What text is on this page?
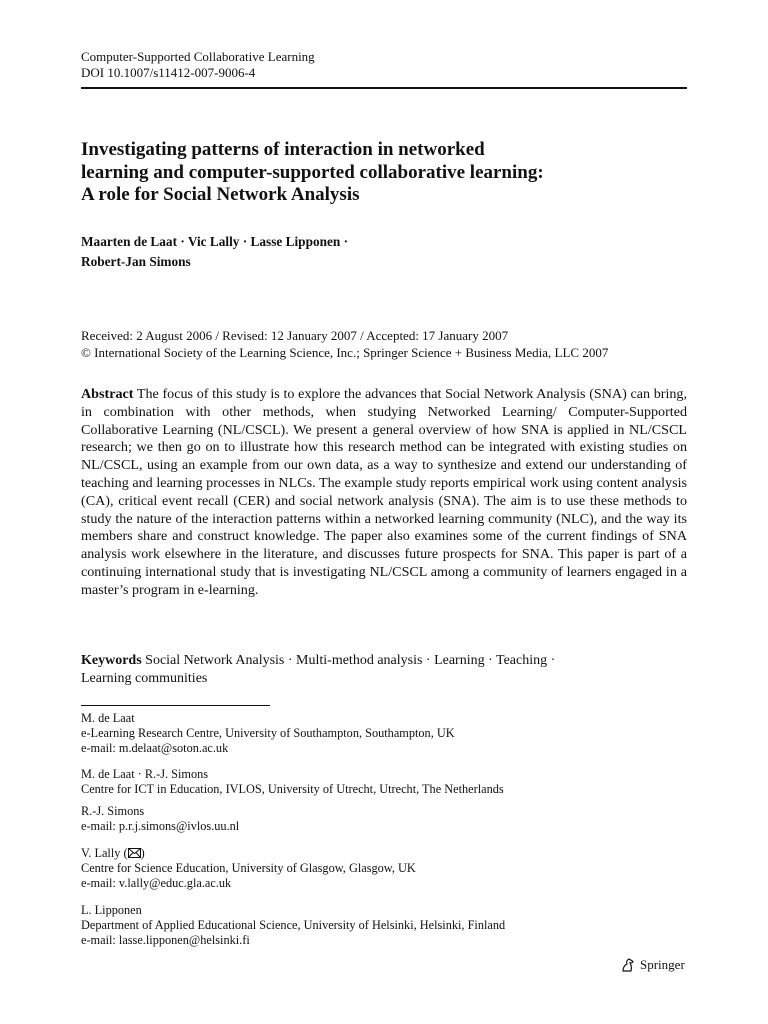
Computer-Supported Collaborative Learning
DOI 10.1007/s11412-007-9006-4
Investigating patterns of interaction in networked
learning and computer-supported collaborative learning:
A role for Social Network Analysis
Maarten de Laat · Vic Lally · Lasse Lipponen ·
Robert-Jan Simons
Received: 2 August 2006 / Revised: 12 January 2007 / Accepted: 17 January 2007
© International Society of the Learning Science, Inc.; Springer Science + Business Media, LLC 2007
Abstract The focus of this study is to explore the advances that Social Network Analysis (SNA) can bring, in combination with other methods, when studying Networked Learning/ Computer-Supported Collaborative Learning (NL/CSCL). We present a general overview of how SNA is applied in NL/CSCL research; we then go on to illustrate how this research method can be integrated with existing studies on NL/CSCL, using an example from our own data, as a way to synthesize and extend our understanding of teaching and learning processes in NLCs. The example study reports empirical work using content analysis (CA), critical event recall (CER) and social network analysis (SNA). The aim is to use these methods to study the nature of the interaction patterns within a networked learning community (NLC), and the way its members share and construct knowledge. The paper also examines some of the current findings of SNA analysis work elsewhere in the literature, and discusses future prospects for SNA. This paper is part of a continuing international study that is investigating NL/CSCL among a community of learners engaged in a master’s program in e-learning.
Keywords Social Network Analysis · Multi-method analysis · Learning · Teaching ·
Learning communities
M. de Laat
e-Learning Research Centre, University of Southampton, Southampton, UK
e-mail: m.delaat@soton.ac.uk
M. de Laat · R.-J. Simons
Centre for ICT in Education, IVLOS, University of Utrecht, Utrecht, The Netherlands
R.-J. Simons
e-mail: p.r.j.simons@ivlos.uu.nl
V. Lally ( )
Centre for Science Education, University of Glasgow, Glasgow, UK
e-mail: v.lally@educ.gla.ac.uk
L. Lipponen
Department of Applied Educational Science, University of Helsinki, Helsinki, Finland
e-mail: lasse.lipponen@helsinki.fi
Springer
